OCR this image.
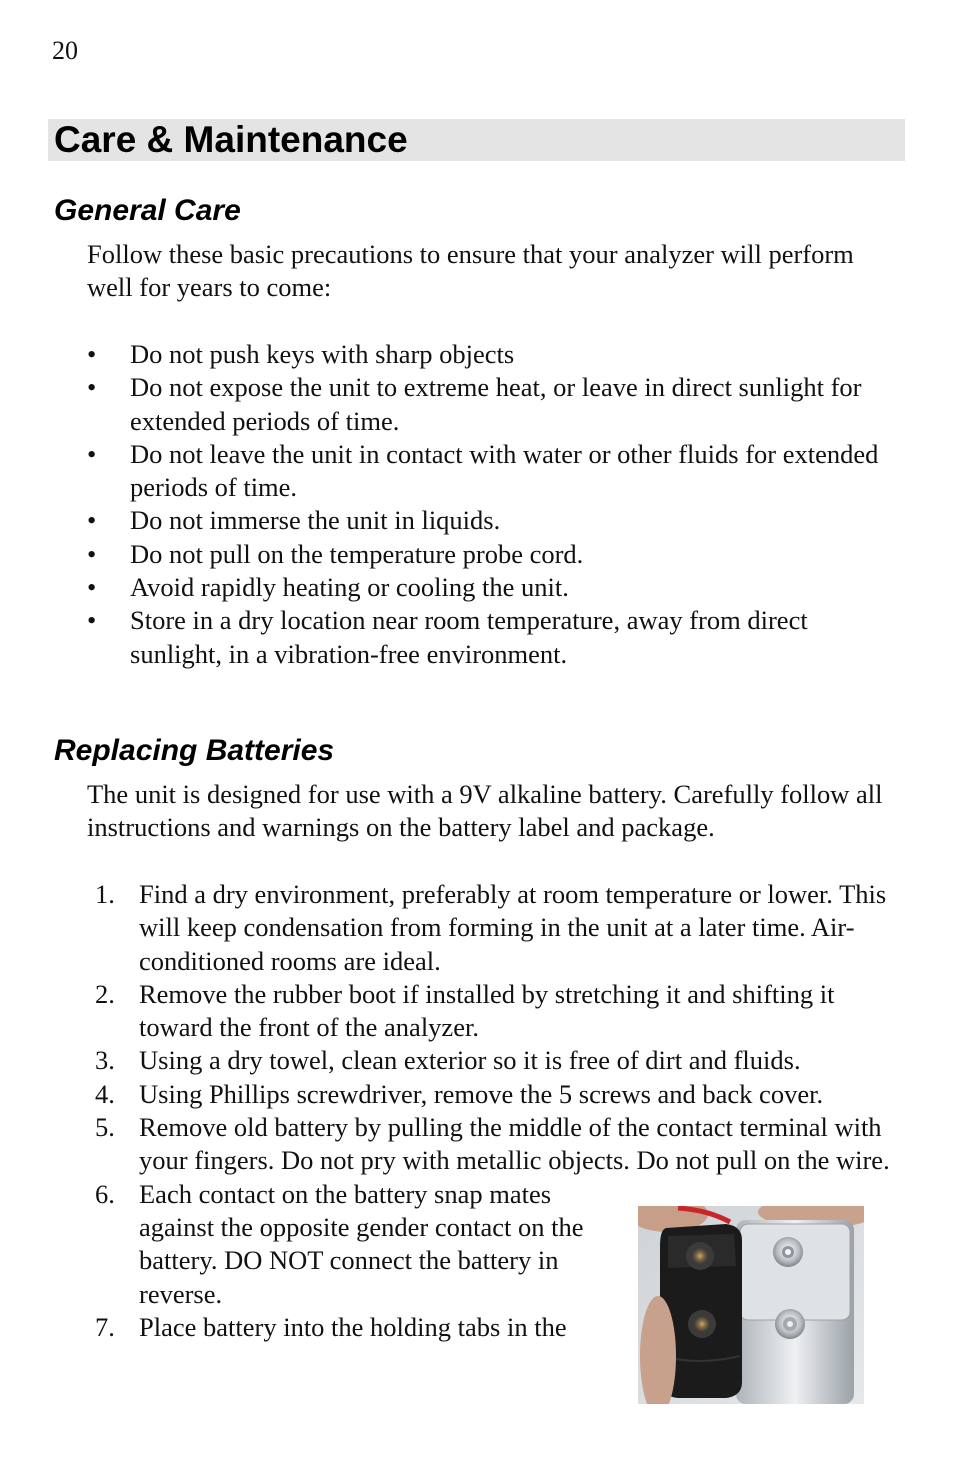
20
Care & Maintenance
General Care

Follow these basic precautions to ensure that your analyzer will perform well for years to come:

•	Do not push keys with sharp objects
•	Do not expose the unit to extreme heat, or leave in direct sunlight for extended periods of time.
•	Do not leave the unit in contact with water or other fluids for extended periods of time.
•	Do not immerse the unit in liquids.
•	Do not pull on the temperature probe cord.
•	Avoid rapidly heating or cooling the unit.
•	Store in a dry location near room temperature, away from direct sunlight, in a vibration-free environment.
Replacing Batteries

The unit is designed for use with a 9V alkaline battery. Carefully follow all instructions and warnings on the battery label and package.

1. Find a dry environment, preferably at room temperature or lower. This will keep condensation from forming in the unit at a later time. Air-conditioned rooms are ideal.
2. Remove the rubber boot if installed by stretching it and shifting it toward the front of the analyzer.
3. Using a dry towel, clean exterior so it is free of dirt and fluids.
4. Using Phillips screwdriver, remove the 5 screws and back cover.
5. Remove old battery by pulling the middle of the contact terminal with your fingers. Do not pry with metallic objects. Do not pull on the wire.
6. Each contact on the battery snap mates against the opposite gender contact on the battery. DO NOT connect the battery in reverse.
7. Place battery into the holding tabs in the
